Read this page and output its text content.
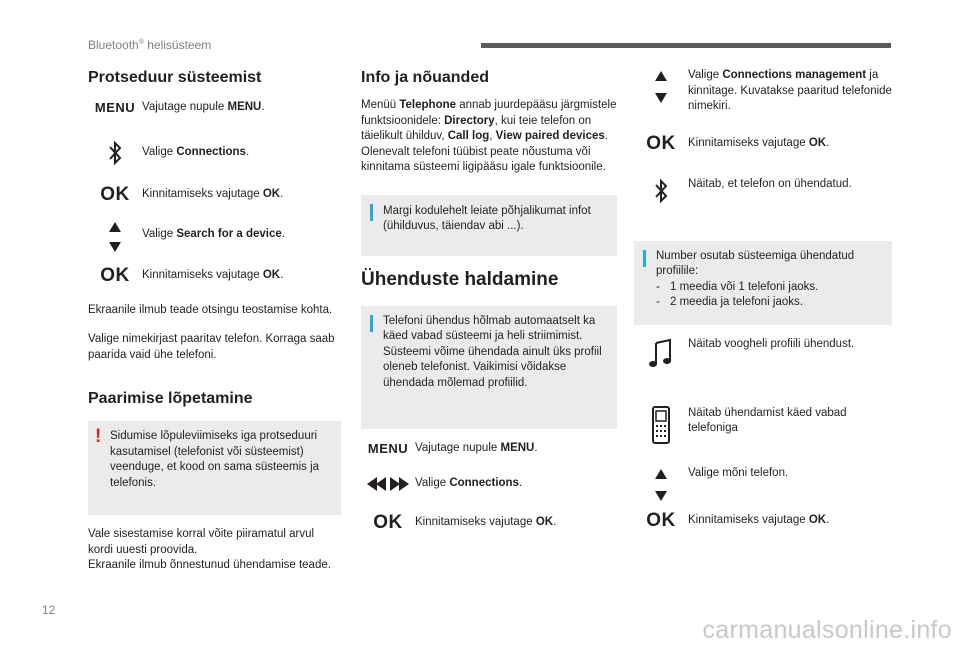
Bluetooth® helisüsteem
Protseduur süsteemist
MENU Vajutage nupule MENU.
Valige Connections.
OK Kinnitamiseks vajutage OK.
Valige Search for a device.
OK Kinnitamiseks vajutage OK.

Ekraanile ilmub teade otsingu teostamise kohta.

Valige nimekirjast paaritav telefon. Korraga saab paarida vaid ühe telefoni.

Paarimise lõpetamine
! Sidumise lõpuleviimiseks iga protseduuri kasutamisel (telefonist või süsteemist) veenduge, et kood on sama süsteemis ja telefonis.

Vale sisestamise korral võite piiramatul arvul kordi uuesti proovida.

Ekraanile ilmub õnnestunud ühendamise teade.

Info ja nõuanded

Menüü Telephone annab juurdepääsu järgmistele funktsioonidele: Directory, kui teie telefon on täielikult ühilduv, Call log, View paired devices.

Olenevalt telefoni tüübist peate nõustuma või kinnitama süsteemi ligipääsu igale funktsioonile.

Margi kodulehelt leiate põhjalikumat infot (ühilduvus, täiendav abi ...).

Ühenduste haldamine

Telefoni ühendus hõlmab automaatselt ka käed vabad süsteemi ja heli striimimist. Süsteemi võime ühendada ainult üks profiil oleneb telefonist. Vaikimisi võidakse ühendada mõlemad profiilid.

MENU Vajutage nupule MENU.
Valige Connections.
OK Kinnitamiseks vajutage OK.
Valige Connections management ja kinnitage. Kuvatakse paaritud telefonide nimekiri.
OK Kinnitamiseks vajutage OK.
Näitab, et telefon on ühendatud.

Number osutab süsteemiga ühendatud profiilile:

- 1 meedia või 1 telefoni jaoks.

- 2 meedia ja telefoni jaoks.

Näitab voogheli profiili ühendust.
Näitab ühendamist käed vabad telefoniga
Valige mõni telefon.
OK Kinnitamiseks vajutage OK.
12
carmanualsonline.info
